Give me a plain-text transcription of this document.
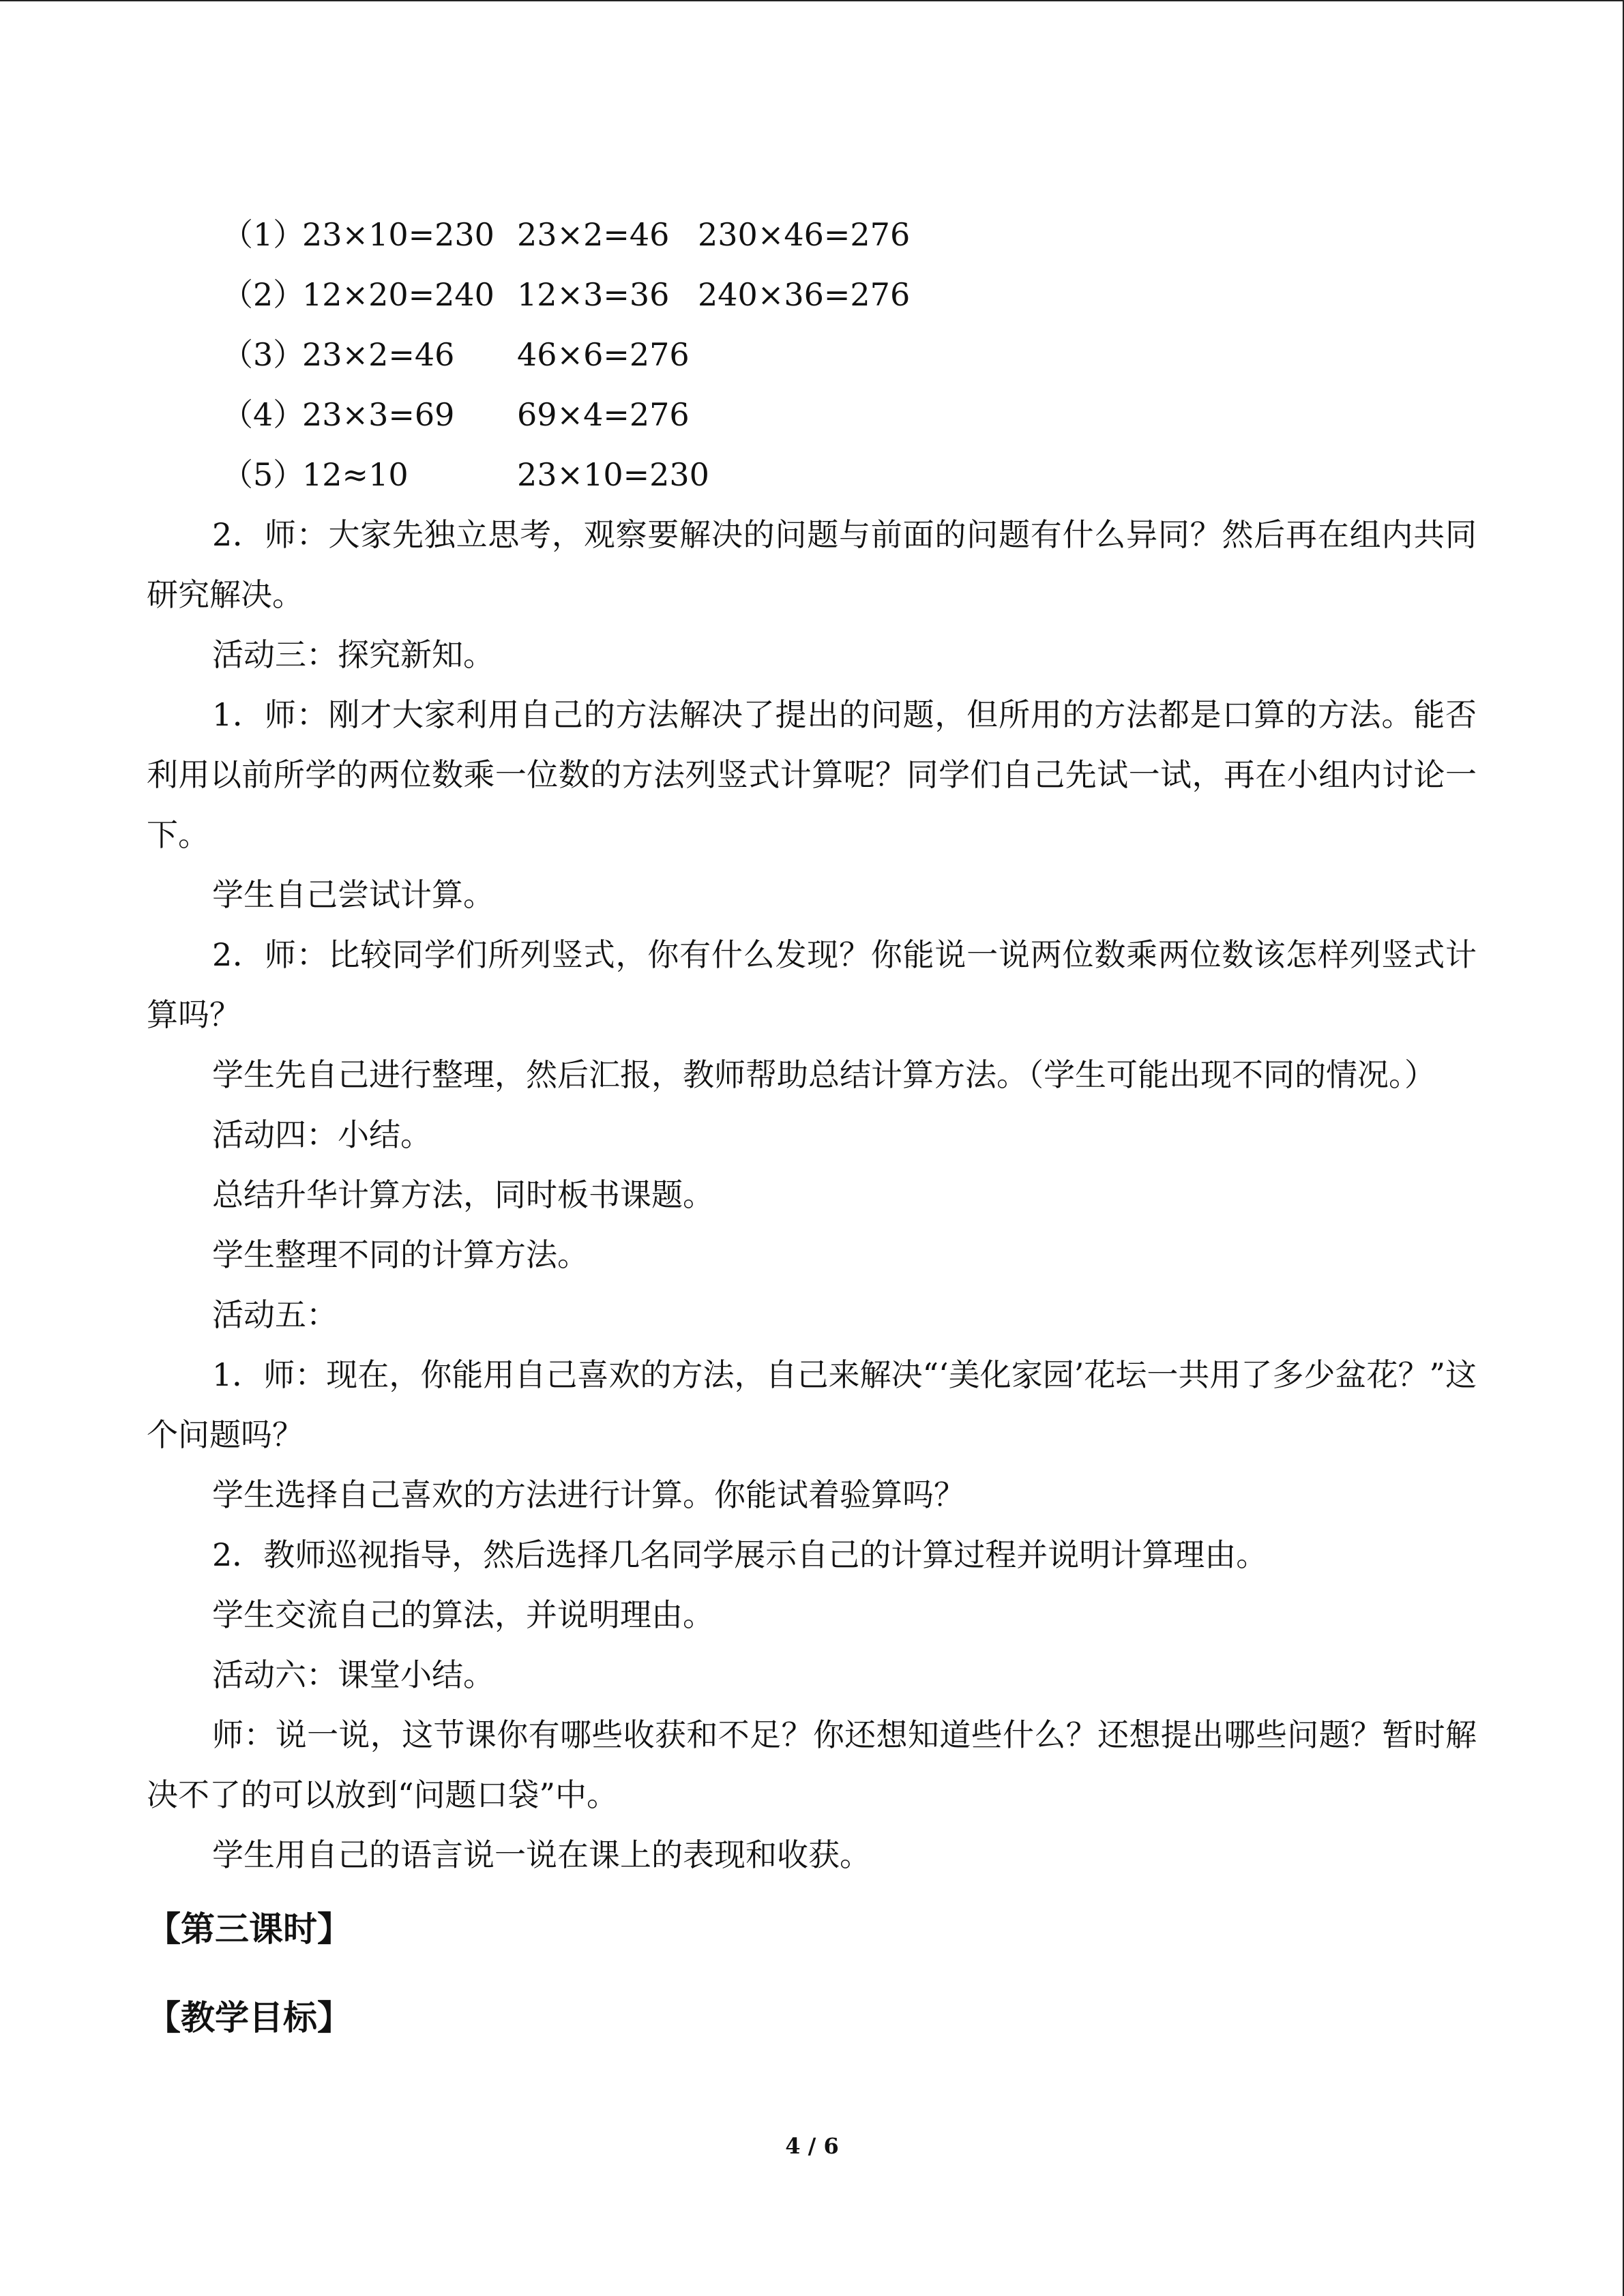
（1）
23×10=230 23×2=46 230×46=276
（2）
12×20=240 12×3=36 240×36=276
（3）
23×2=46	46×6=276
（4）
23×3=69	69×4=276
（5）
12≈10	23×10=230
2．师：大家先独立思考，观察要解决的问题与前面的问题有什么异同？然后再在组内共同研究解决。
活动三：探究新知。
1．师：刚才大家利用自己的方法解决了提出的问题，但所用的方法都是口算的方法。能否利用以前所学的两位数乘一位数的方法列竖式计算呢？同学们自己先试一试，再在小组内讨论一下。
学生自己尝试计算。
2．师：比较同学们所列竖式，你有什么发现？你能说一说两位数乘两位数该怎样列竖式计算吗？
学生先自己进行整理，然后汇报，教师帮助总结计算方法。（学生可能出现不同的情况。）
活动四：小结。
总结升华计算方法，同时板书课题。
学生整理不同的计算方法。
活动五：
1．师：现在，你能用自己喜欢的方法，自己来解决“‘美化家园’花坛一共用了多少盆花？”这个问题吗？
学生选择自己喜欢的方法进行计算。你能试着验算吗？
2．教师巡视指导，然后选择几名同学展示自己的计算过程并说明计算理由。
学生交流自己的算法，并说明理由。
活动六：课堂小结。
师：说一说，这节课你有哪些收获和不足？你还想知道些什么？还想提出哪些问题？暂时解决不了的可以放到“问题口袋”中。
学生用自己的语言说一说在课上的表现和收获。
【第三课时】
【教学目标】
4 / 6
